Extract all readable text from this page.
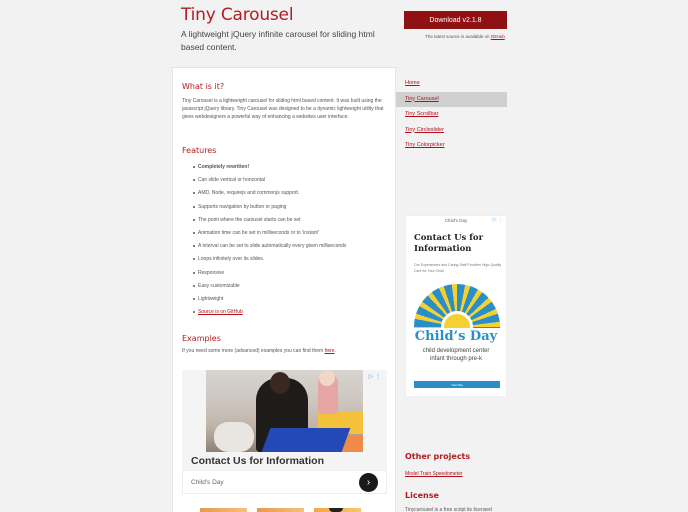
Tiny Carousel

A lightweight jQuery infinite carousel for sliding html based content.

Download v2.1.8

The latest source is available on GitHub.

What is it?

Tiny Carousel is a lightweight carousel for sliding html based content. It was built using the javascript jQuery library. Tiny Carousel was designed to be a dynamic lightweight utility that gives webdesigners a powerful way of enhancing a websites user interface.

Features
Completely rewritten!
Can slide vertical or horizontal
AMD, Node, requirejs and commonjs support.
Supports navigation by button or paging
The point where the carousel starts can be set
Animation time can be set in milliseconds or to 'instant'
A interval can be set to slide automatically every given milliseconds
Loops infinitely over its slides.
Responsive
Easy customizable
Lightweight
Source is on GitHub
Examples

If you need some more (advanced) examples you can find them here.

▷ ⋮
Contact Us for Information
Child's Day	›
Home
Tiny Carousel
Tiny Scrollbar
Tiny Circleslider
Tiny Colorpicker
Child's Day	▷ ⋮
Contact Us for Information
Our Experienced and Caring Staff Provides High-Quality Care for Your Child
Child’s Day
child development center
infant through pre-k
Visit Site
Other projects
Model Train Speedometer
License

Tinycarousel is a free script its licensed
